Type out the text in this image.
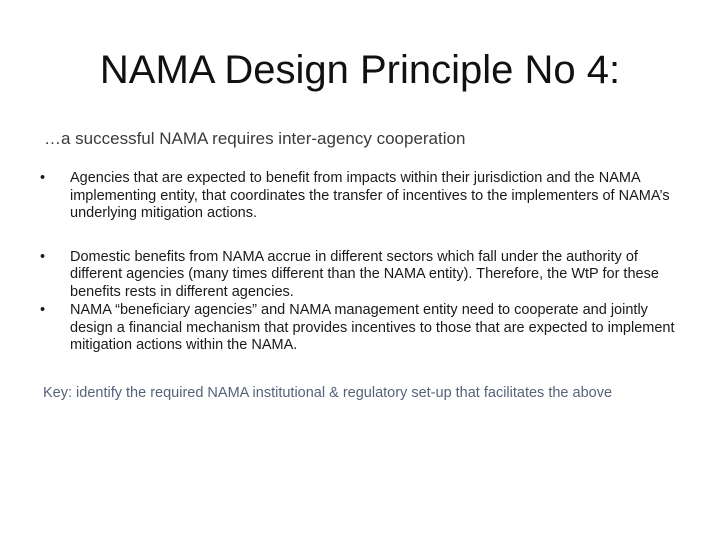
NAMA Design Principle No 4:
…a successful NAMA requires inter-agency cooperation
•	Agencies that are expected to benefit from impacts within their jurisdiction and the NAMA implementing entity, that coordinates the transfer of incentives to the implementers of NAMA’s underlying mitigation actions.
•	Domestic benefits from NAMA accrue in different sectors which fall under the authority of different agencies (many times different than the NAMA entity). Therefore, the WtP for these benefits rests in different agencies.
•	NAMA “beneficiary agencies” and NAMA management entity need to cooperate and jointly design a financial mechanism that provides incentives to those that are expected to implement mitigation actions within the NAMA.
Key: identify the required NAMA institutional & regulatory set-up that facilitates the above
